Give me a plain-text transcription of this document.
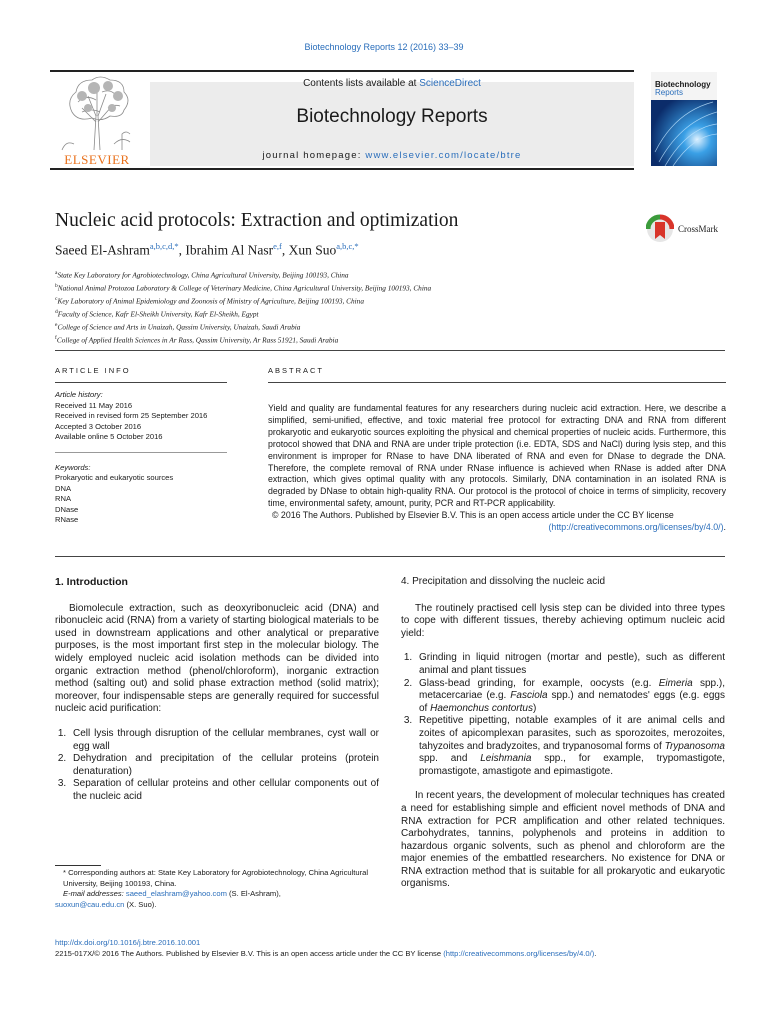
Biotechnology Reports 12 (2016) 33–39
Contents lists available at ScienceDirect
Biotechnology Reports
journal homepage: www.elsevier.com/locate/btre
ELSEVIER
Biotechnology
Reports
Nucleic acid protocols: Extraction and optimization
Saeed El-Ashram$^{a,b,c,d,*}$, Ibrahim Al Nasr$^{e,f}$, Xun Suo$^{a,b,c,*}$
CrossMark
$^a$State Key Laboratory for Agrobiotechnology, China Agricultural University, Beijing 100193, China
$^b$National Animal Protozoa Laboratory & College of Veterinary Medicine, China Agricultural University, Beijing 100193, China
$^c$Key Laboratory of Animal Epidemiology and Zoonosis of Ministry of Agriculture, Beijing 100193, China
$^d$Faculty of Science, Kafr El-Sheikh University, Kafr El-Sheikh, Egypt
$^e$College of Science and Arts in Unaizah, Qassim University, Unaizah, Saudi Arabia
$^f$College of Applied Health Sciences in Ar Rass, Qassim University, Ar Rass 51921, Saudi Arabia
ARTICLE INFO	ABSTRACT
Article history:
Received 11 May 2016
Received in revised form 25 September 2016
Accepted 3 October 2016
Available online 5 October 2016
Keywords:
Prokaryotic and eukaryotic sources
DNA
RNA
DNase
RNase
Yield and quality are fundamental features for any researchers during nucleic acid extraction. Here, we describe a simplified, semi-unified, effective, and toxic material free protocol for extracting DNA and RNA from different prokaryotic and eukaryotic sources exploiting the physical and chemical properties of nucleic acids. Furthermore, this protocol showed that DNA and RNA are under triple protection (i.e. EDTA, SDS and NaCl) during lysis step, and this environment is improper for RNase to have DNA liberated of RNA and even for DNase to degrade the DNA. Therefore, the complete removal of RNA under RNase influence is achieved when RNase is added after DNA extraction, which gives optimal quality with any protocols. Similarly, DNA contamination in an isolated RNA is degraded by DNase to obtain high-quality RNA. Our protocol is the protocol of choice in terms of simplicity, recovery time, environmental safety, amount, purity, PCR and RT-PCR applicability.
© 2016 The Authors. Published by Elsevier B.V. This is an open access article under the CC BY license
(http://creativecommons.org/licenses/by/4.0/).
1. Introduction

Biomolecule extraction, such as deoxyribonucleic acid (DNA) and ribonucleic acid (RNA) from a variety of starting biological materials to be used in downstream applications and other analytical or preparative purposes, is the most important first step in the molecular biology. The widely employed nucleic acid isolation methods can be divided into organic extraction method (phenol/chloroform), inorganic extraction method (salting out) and solid phase extraction method (solid matrix); moreover, four indispensable steps are generally required for successful nucleic acid purification:

1. Cell lysis through disruption of the cellular membranes, cyst wall or egg wall
2. Dehydration and precipitation of the cellular proteins (protein denaturation)
3. Separation of cellular proteins and other cellular components out of the nucleic acid
* Corresponding authors at: State Key Laboratory for Agrobiotechnology, China Agricultural University, Beijing 100193, China.
E-mail addresses: saeed_elashram@yahoo.com (S. El-Ashram),
suoxun@cau.edu.cn (X. Suo).
4. Precipitation and dissolving the nucleic acid

The routinely practised cell lysis step can be divided into three types to cope with different tissues, thereby achieving optimum nucleic acid yield:

1. Grinding in liquid nitrogen (mortar and pestle), such as different animal and plant tissues
2. Glass-bead grinding, for example, oocysts (e.g. Eimeria spp.), metacercariae (e.g. Fasciola spp.) and nematodes' eggs (e.g. eggs of Haemonchus contortus)
3. Repetitive pipetting, notable examples of it are animal cells and zoites of apicomplexan parasites, such as sporozoites, merozoites, tahyzoites and bradyzoites, and trypanosomal forms of Trypanosoma spp. and Leishmania spp., for example, trypomastigote, promastigote, amastigote and epimastigote.

In recent years, the development of molecular techniques has created a need for establishing simple and efficient novel methods of DNA and RNA extraction for PCR amplification and other related techniques. Carbohydrates, tannins, polyphenols and proteins in addition to hazardous organic solvents, such as phenol and chloroform are the major enemies of the embattled researchers. No existence for DNA or RNA extraction method that is suitable for all prokaryotic and eukaryotic organisms.

http://dx.doi.org/10.1016/j.btre.2016.10.001
2215-017X/© 2016 The Authors. Published by Elsevier B.V. This is an open access article under the CC BY license (http://creativecommons.org/licenses/by/4.0/).
